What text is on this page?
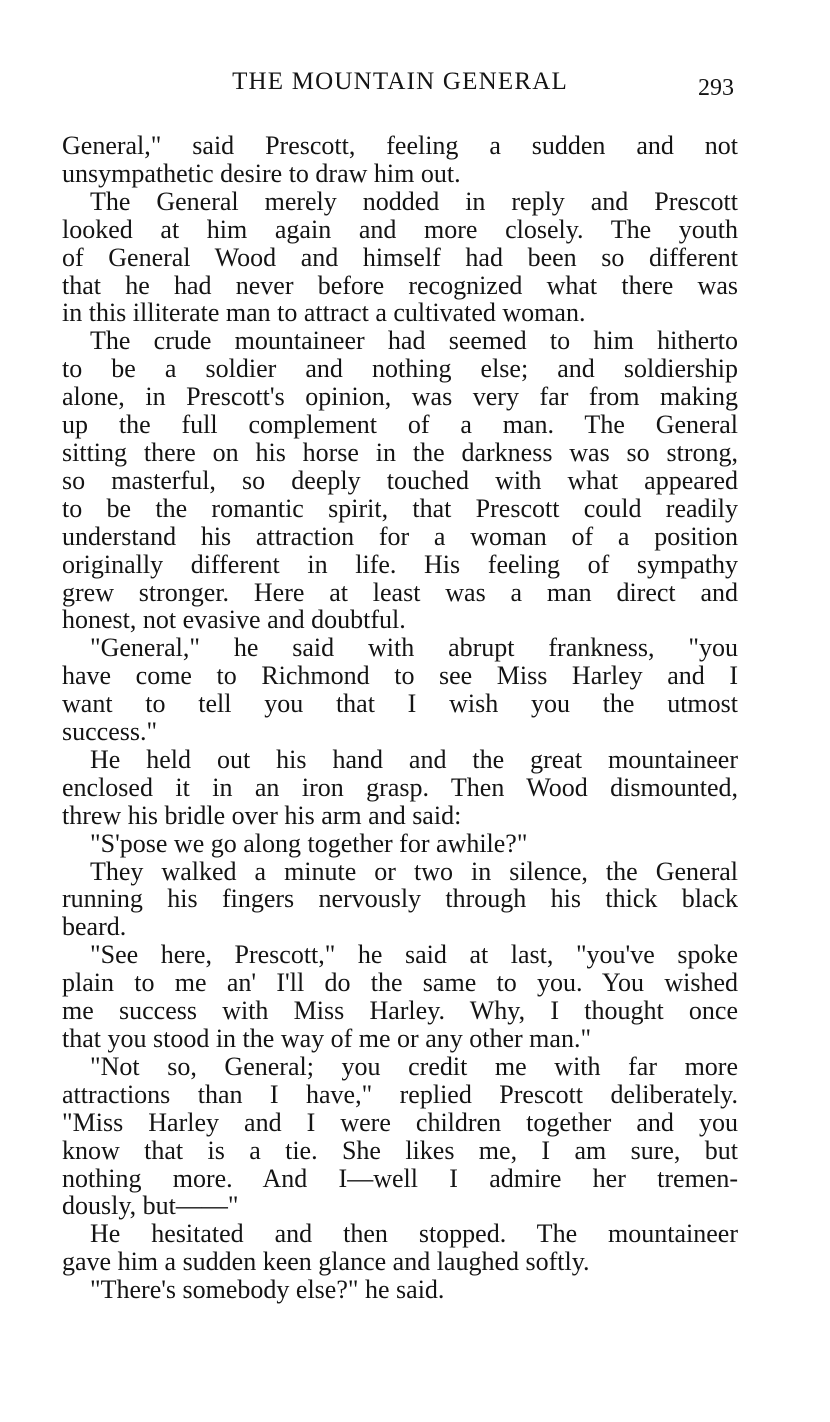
THE MOUNTAIN GENERAL	293

General," said Prescott, feeling a sudden and not
unsympathetic desire to draw him out.

The General merely nodded in reply and Prescott
looked at him again and more closely. The youth
of General Wood and himself had been so different
that he had never before recognized what there was
in this illiterate man to attract a cultivated woman.

The crude mountaineer had seemed to him hitherto
to be a soldier and nothing else; and soldiership
alone, in Prescott's opinion, was very far from making
up the full complement of a man. The General
sitting there on his horse in the darkness was so strong,
so masterful, so deeply touched with what appeared
to be the romantic spirit, that Prescott could readily
understand his attraction for a woman of a position
originally different in life. His feeling of sympathy
grew stronger. Here at least was a man direct and
honest, not evasive and doubtful.

"General," he said with abrupt frankness, "you
have come to Richmond to see Miss Harley and I
want to tell you that I wish you the utmost
success."

He held out his hand and the great mountaineer
enclosed it in an iron grasp. Then Wood dismounted,
threw his bridle over his arm and said:

"S'pose we go along together for awhile?"

They walked a minute or two in silence, the General
running his fingers nervously through his thick black
beard.

"See here, Prescott," he said at last, "you've spoke
plain to me an' I'll do the same to you. You wished
me success with Miss Harley. Why, I thought once
that you stood in the way of me or any other man."

"Not so, General; you credit me with far more
attractions than I have," replied Prescott deliberately.
"Miss Harley and I were children together and you
know that is a tie. She likes me, I am sure, but
nothing more. And I—well I admire her tremen-
dously, but——"

He hesitated and then stopped. The mountaineer
gave him a sudden keen glance and laughed softly.

"There's somebody else?" he said.
